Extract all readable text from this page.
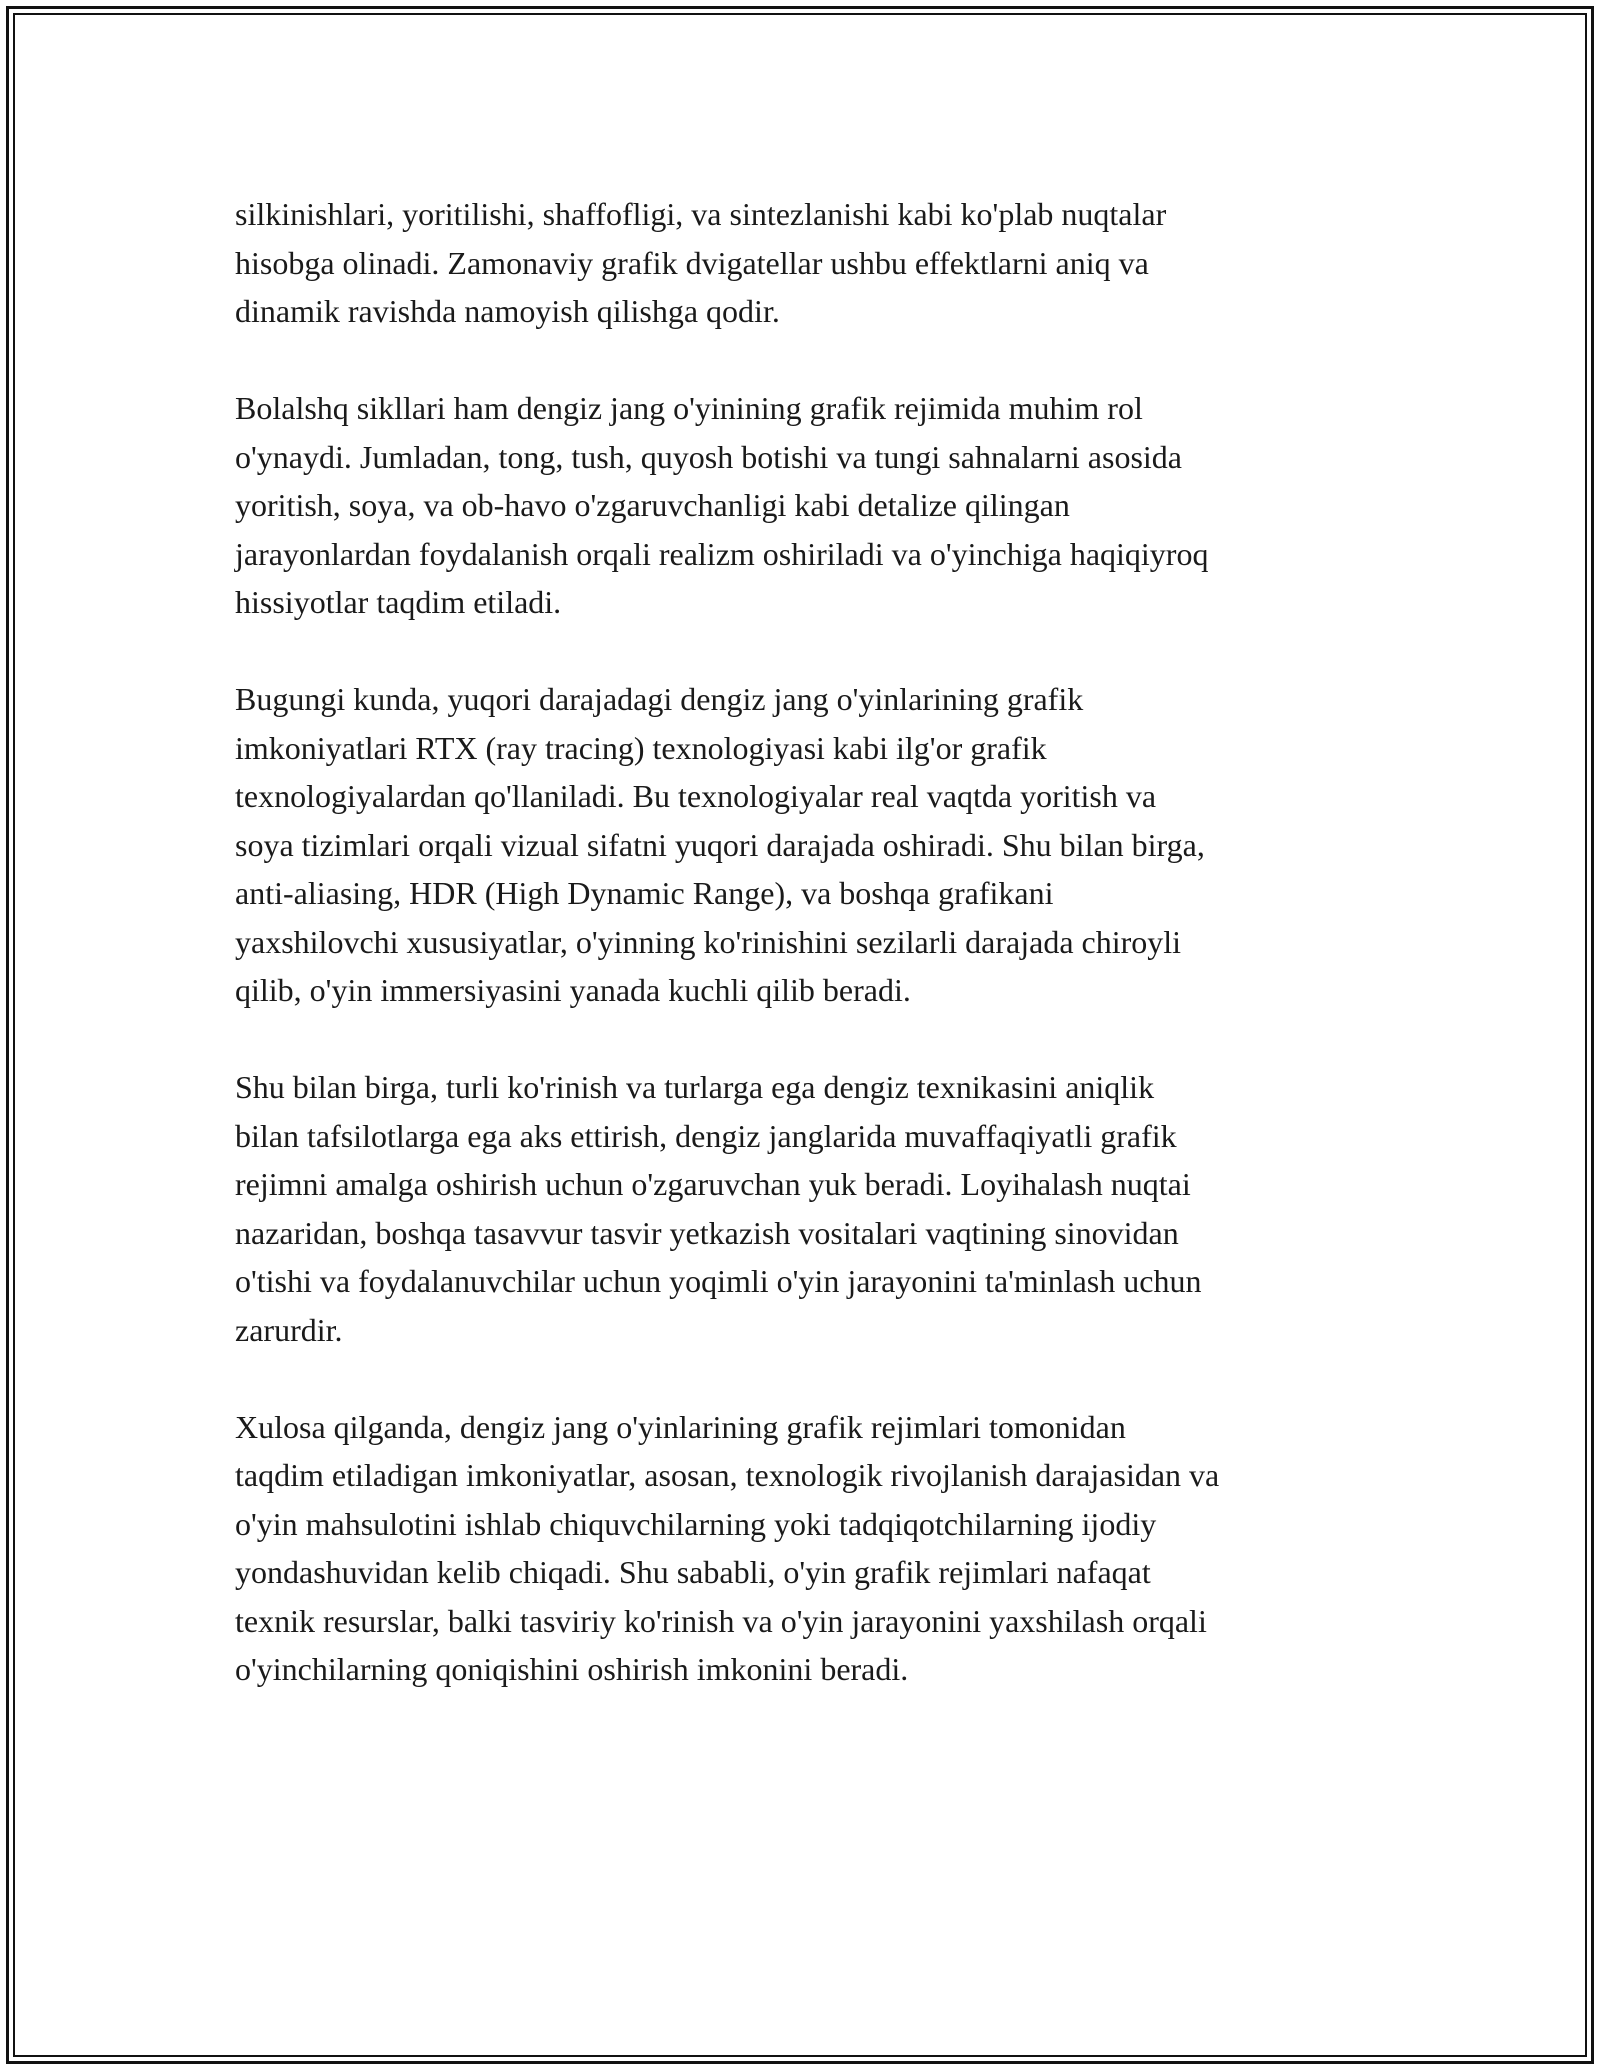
silkinishlari, yoritilishi, shaffofligi, va sintezlanishi kabi ko'plab nuqtalar
hisobga olinadi. Zamonaviy grafik dvigatellar ushbu effektlarni aniq va
dinamik ravishda namoyish qilishga qodir.

Bolalshq sikllari ham dengiz jang o'yinining grafik rejimida muhim rol
o'ynaydi. Jumladan, tong, tush, quyosh botishi va tungi sahnalarni asosida
yoritish, soya, va ob-havo o'zgaruvchanligi kabi detalize qilingan
jarayonlardan foydalanish orqali realizm oshiriladi va o'yinchiga haqiqiyroq
hissiyotlar taqdim etiladi.

Bugungi kunda, yuqori darajadagi dengiz jang o'yinlarining grafik
imkoniyatlari RTX (ray tracing) texnologiyasi kabi ilg'or grafik
texnologiyalardan qo'llaniladi. Bu texnologiyalar real vaqtda yoritish va
soya tizimlari orqali vizual sifatni yuqori darajada oshiradi. Shu bilan birga,
anti-aliasing, HDR (High Dynamic Range), va boshqa grafikani
yaxshilovchi xususiyatlar, o'yinning ko'rinishini sezilarli darajada chiroyli
qilib, o'yin immersiyasini yanada kuchli qilib beradi.

Shu bilan birga, turli ko'rinish va turlarga ega dengiz texnikasini aniqlik
bilan tafsilotlarga ega aks ettirish, dengiz janglarida muvaffaqiyatli grafik
rejimni amalga oshirish uchun o'zgaruvchan yuk beradi. Loyihalash nuqtai
nazaridan, boshqa tasavvur tasvir yetkazish vositalari vaqtining sinovidan
o'tishi va foydalanuvchilar uchun yoqimli o'yin jarayonini ta'minlash uchun
zarurdir.

Xulosa qilganda, dengiz jang o'yinlarining grafik rejimlari tomonidan
taqdim etiladigan imkoniyatlar, asosan, texnologik rivojlanish darajasidan va
o'yin mahsulotini ishlab chiquvchilarning yoki tadqiqotchilarning ijodiy
yondashuvidan kelib chiqadi. Shu sababli, o'yin grafik rejimlari nafaqat
texnik resurslar, balki tasviriy ko'rinish va o'yin jarayonini yaxshilash orqali
o'yinchilarning qoniqishini oshirish imkonini beradi.
